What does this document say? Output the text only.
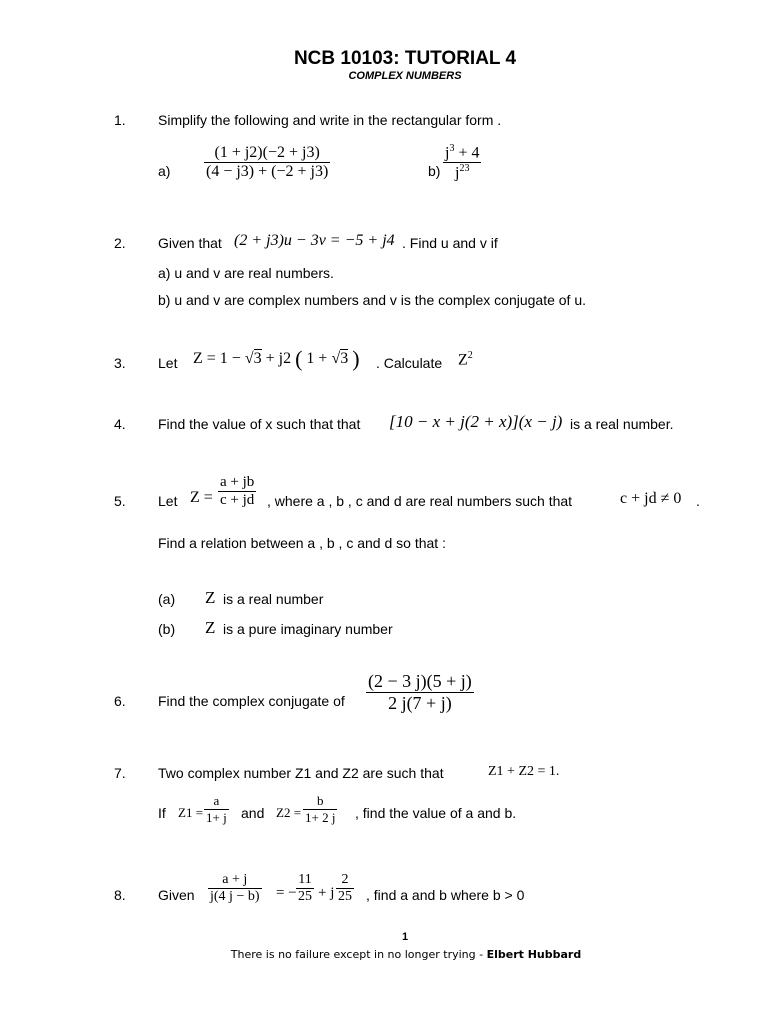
NCB 10103: TUTORIAL 4
COMPLEX NUMBERS
1. Simplify the following and write in the rectangular form .
a)
(1 + j2)(−2 + j3)
(4 − j3) + (−2 + j3)	b)
$j^3 + 4$
$j^{23}$
2. Given that (2 + j3)u − 3v = −5 + j4 . Find u and v if
a) u and v are real numbers.
b) u and v are complex numbers and v is the complex conjugate of u.
3. Let Z = 1 − √3 + j2 ( 1 + √3 ) . Calculate $Z^2$
4. Find the value of x such that that [10 − x + j(2 + x)](x − j) is a real number.
5. Let Z =
a + jb
c + jd , where a , b , c and d are real numbers such that	c + jd ≠ 0 .
Find a relation between a , b , c and d so that :
(a) Z is a real number
(b) Z is a pure imaginary number
6. Find the complex conjugate of
(2 − 3 j)(5 + j)
2 j(7 + j)
7. Two complex number Z1 and Z2 are such that	Z1 + Z2 = 1.
If Z1 =
a
1+ j and Z2 =
b
1+ 2 j , find the value of a and b.
8. Given
a + j
j(4 j − b) = −
11
25 + j
2
25 , find a and b where b > 0
1
There is no failure except in no longer trying - Elbert Hubbard
